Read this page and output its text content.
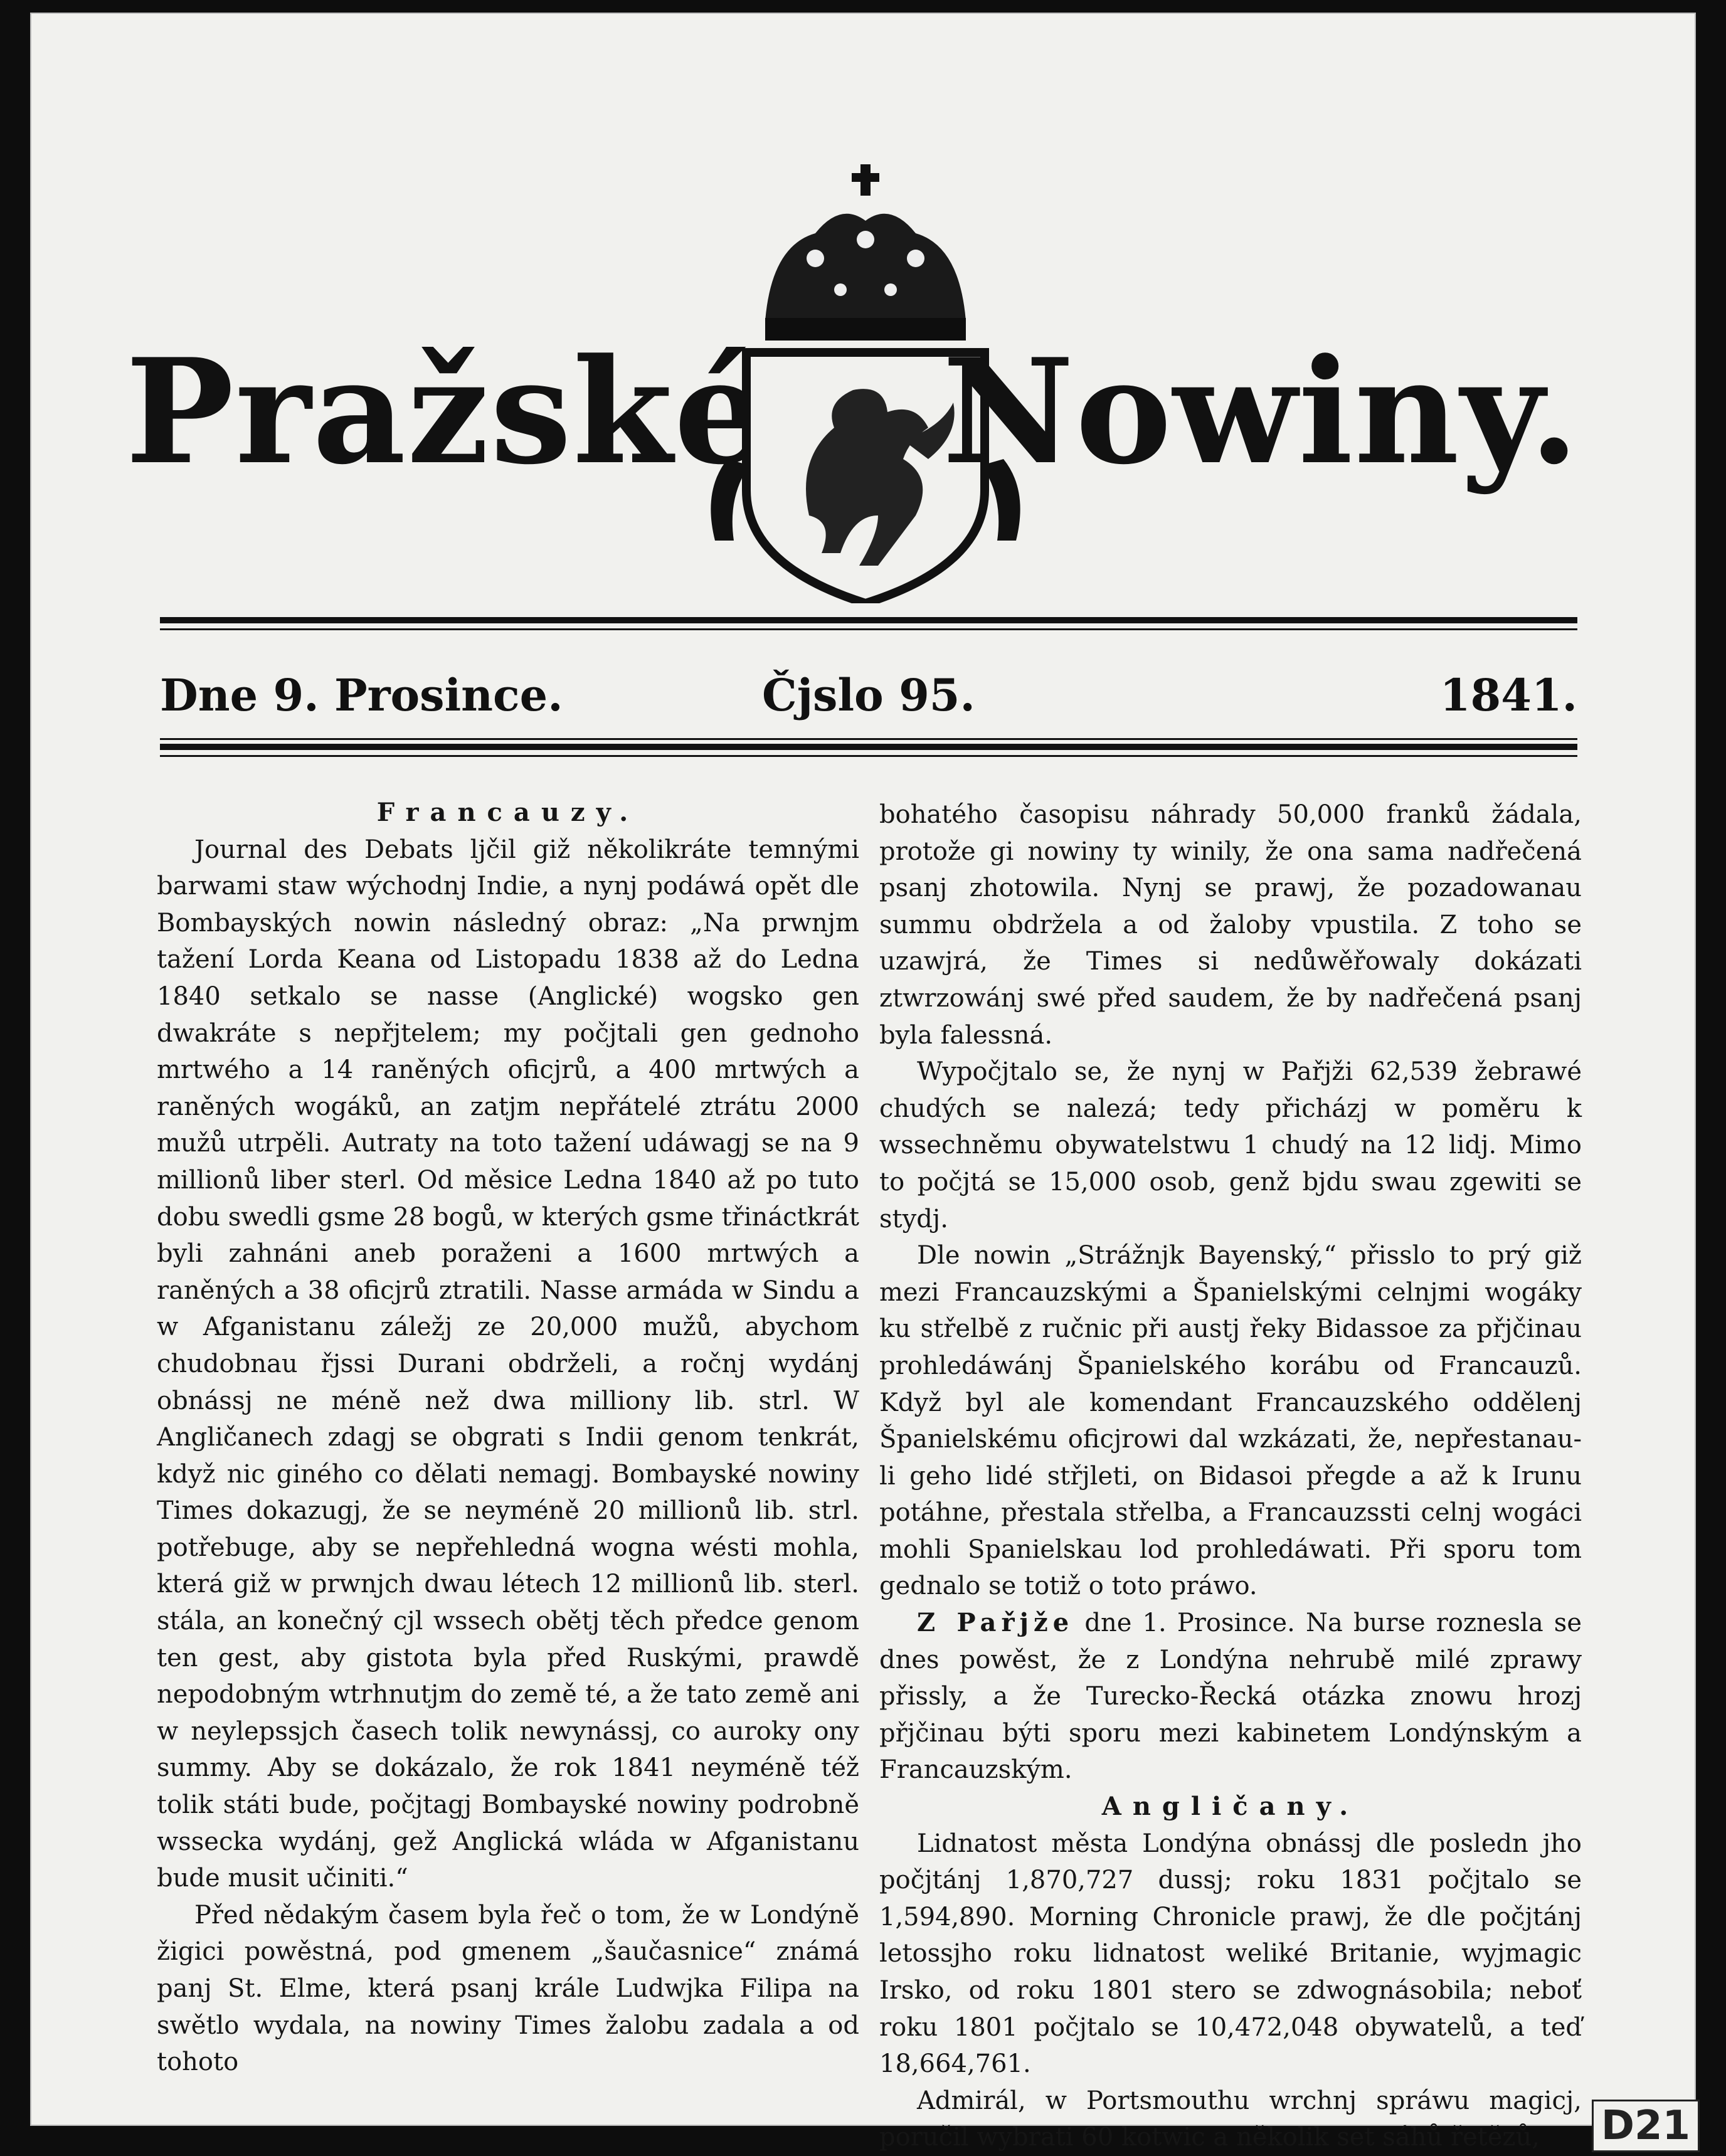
Pražské Nowiny.
Dne 9. Prosince.	Čjslo 95.	1841.

Francauzy.

Journal des Debats ljčil giž několikráte temnými barwami staw wýchodnj Indie, a nynj podáwá opět dle Bombayských nowin následný obraz: „Na prwnjm tažení Lorda Keana od Listopadu 1838 až do Ledna 1840 setkalo se nasse (Anglické) wogsko gen dwakráte s nepřjtelem; my počjtali gen gednoho mrtwého a 14 raněných oficjrů, a 400 mrtwých a raněných wogáků, an zatjm nepřátelé ztrátu 2000 mužů utrpěli. Autraty na toto tažení udáwagj se na 9 millionů liber sterl. Od měsice Ledna 1840 až po tuto dobu swedli gsme 28 bogů, w kterých gsme třináctkrát byli zahnáni aneb poraženi a 1600 mrtwých a raněných a 38 oficjrů ztratili. Nasse armáda w Sindu a w Afganistanu záležj ze 20,000 mužů, abychom chudobnau řjssi Durani obdrželi, a ročnj wydánj obnássj ne méně než dwa milliony lib. strl. W Angličanech zdagj se obgrati s Indii genom tenkrát, když nic giného co dělati nemagj. Bombayské nowiny Times dokazugj, že se neyméně 20 millionů lib. strl. potřebuge, aby se nepřehledná wogna wésti mohla, která giž w prwnjch dwau létech 12 millionů lib. sterl. stála, an konečný cjl wssech obětj těch předce genom ten gest, aby gistota byla před Ruskými, prawdě nepodobným wtrhnutjm do země té, a že tato země ani w neylepssjch časech tolik newynássj, co aurokу ony summy. Aby se dokázalo, že rok 1841 neyméně též tolik státi bude, počjtagj Bombayské nowiny podrobně wssecka wydánj, gež Anglická wláda w Afganistanu bude musit učiniti.“

Před nědakým časem byla řeč o tom, že w Londýně žigici powěstná, pod gmenem „šaučasnice“ známá panj St. Elme, která psanj krále Ludwjka Filipa na swětlo wydala, na nowiny Times žalobu zadala a od tohoto

bohatého časopisu náhrady 50,000 franků žádala, protože gi nowiny ty winily, že ona sama nadřečená psanj zhotowila. Nynj se prawj, že pozadowanau summu obdržela a od žaloby vpustila. Z toho se uzawjrá, že Times si nedůwěřowaly dokázati ztwrzowánj swé před saudem, že by nadřečená psanj byla falessná.

Wypočjtalo se, že nynj w Pařjži 62,539 žebrawé chudých se nalezá; tedy přicházj w poměru k wssechněmu obywatelstwu 1 chudý na 12 lidj. Mimo to počjtá se 15,000 osob, genž bjdu swau zgewiti se stydj.

Dle nowin „Strážnjk Bayenský,“ přisslo to prý giž mezi Francauzskými a Španielskými celnjmi wogáky ku střelbě z ručnic při austj řeky Bidassoe za přjčinau prohledáwánj Španielského korábu od Francauzů. Když byl ale komendant Francauzského oddělenj Španielskému oficjrowi dal wzkázati, že, nepřestanau-li geho lidé střjleti, on Bidasoi přegde a až k Irunu potáhne, přestala střelba, a Francauzssti celnj wogáci mohli Spanielskau lod prohledáwati. Při sporu tom gednalo se totiž o toto práwo.

Z Pařjže dne 1. Prosince. Na burse roznesla se dnes powěst, že z Londýna nehrubě milé zprawy přissly, a že Turecko-Řecká otázka znowu hrozj přjčinau býti sporu mezi kabinetem Londýnským a Francauzským.

Angličany.

Lidnatost města Londýna obnássj dle posledn jho počjtánj 1,870,727 dussj; roku 1831 počjtalo se 1,594,890. Morning Chronicle prawj, že dle počjtánj letossjho roku lidnatost weliké Britanie, wyjmagic Irsko, od roku 1801 stero se zdwognásobila; neboť roku 1801 počjtalo se 10,472,048 obywatelů, a teď 18,664,761.

Admirál, w Portsmouthu wrchnj spráwu magicj, poručil wybrati 60 kotwic a několik set sáhů řetězů,	D21
